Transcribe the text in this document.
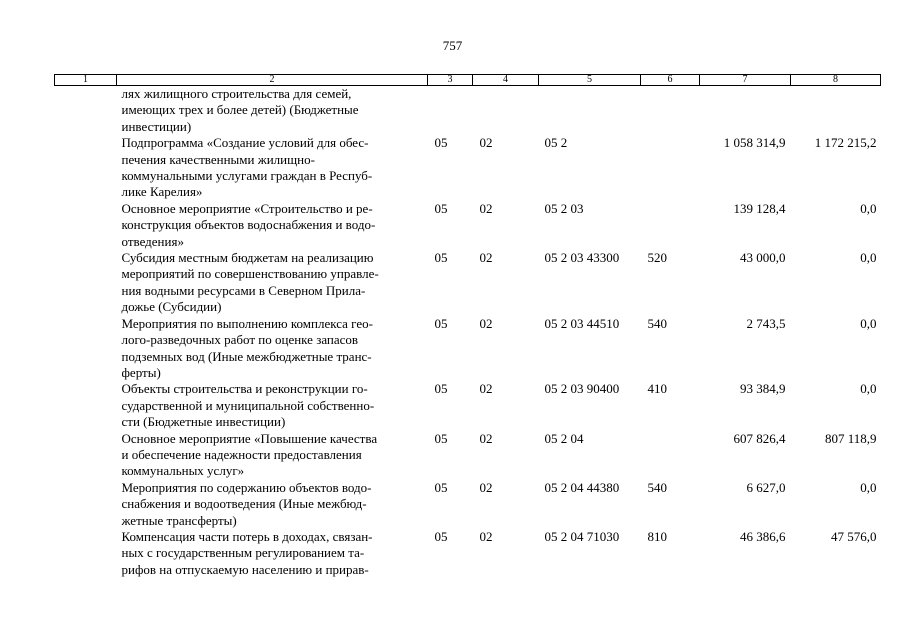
757
1	2	3	4	5	6	7	8

	лях жилищного строительства для семей,
имеющих трех и более детей) (Бюджетные
инвестиции)						

	Подпрограмма «Создание условий для обес-
печения качественными жилищно-
коммунальными услугами граждан в Респуб-
лике Карелия»	05	02	05 2		1 058 314,9	1 172 215,2

	Основное мероприятие «Строительство и ре-
конструкция объектов водоснабжения и водо-
отведения»	05	02	05 2 03		139 128,4	0,0

	Субсидия местным бюджетам на реализацию
мероприятий по совершенствованию управле-
ния водными ресурсами в Северном Прила-
дожье (Субсидии)	05	02	05 2 03 43300	520	43 000,0	0,0

	Мероприятия по выполнению комплекса гео-
лого-разведочных работ по оценке запасов
подземных вод (Иные межбюджетные транс-
ферты)	05	02	05 2 03 44510	540	2 743,5	0,0

	Объекты строительства и реконструкции го-
сударственной и муниципальной собственно-
сти (Бюджетные инвестиции)	05	02	05 2 03 90400	410	93 384,9	0,0

	Основное мероприятие «Повышение качества
и обеспечение надежности предоставления
коммунальных услуг»	05	02	05 2 04		607 826,4	807 118,9

	Мероприятия по содержанию объектов водо-
снабжения и водоотведения (Иные межбюд-
жетные трансферты)	05	02	05 2 04 44380	540	6 627,0	0,0

	Компенсация части потерь в доходах, связан-
ных с государственным регулированием та-
рифов на отпускаемую населению и прирав-	05	02	05 2 04 71030	810	46 386,6	47 576,0
